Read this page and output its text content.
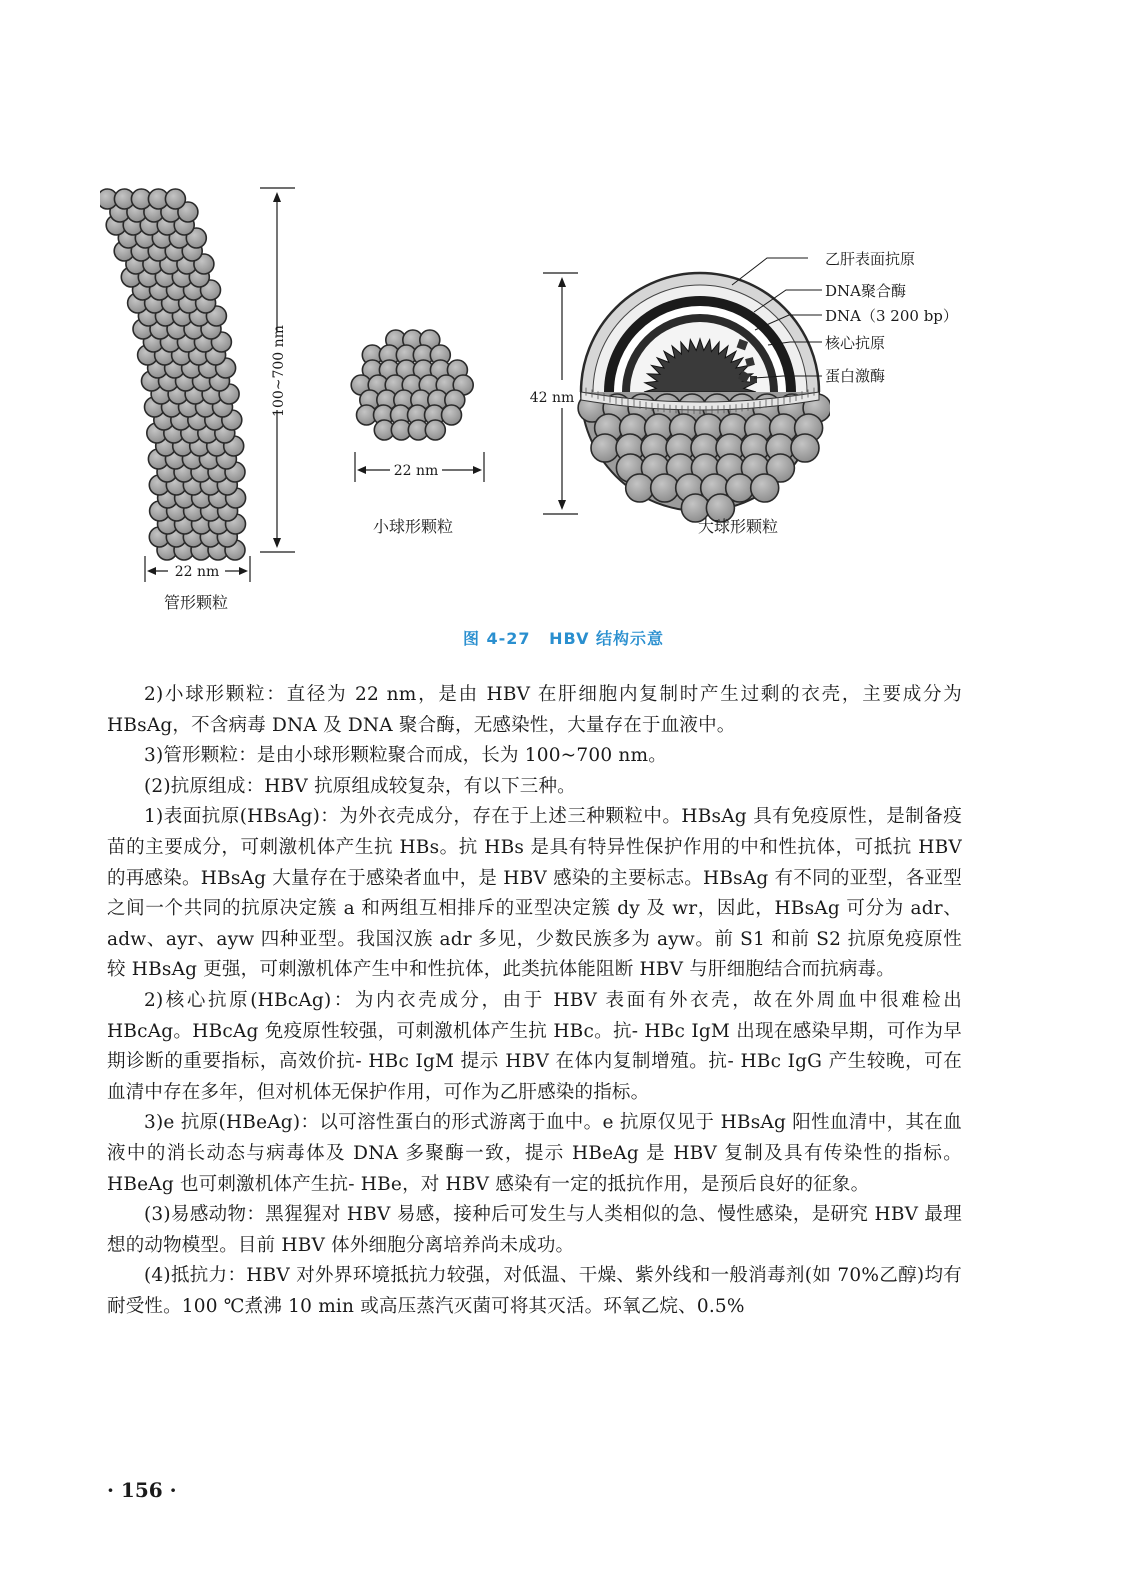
100~700 nm
22 nm
管形颗粒
22 nm
小球形颗粒
42 nm
大球形颗粒
乙肝表面抗原
DNA聚合酶
DNA（3 200 bp）
核心抗原
蛋白激酶
图 4-27 HBV 结构示意

2)小球形颗粒：直径为 22 nm，是由 HBV 在肝细胞内复制时产生过剩的衣壳，主要成分为 HBsAg，不含病毒 DNA 及 DNA 聚合酶，无感染性，大量存在于血液中。

3)管形颗粒：是由小球形颗粒聚合而成，长为 100~700 nm。

(2)抗原组成：HBV 抗原组成较复杂，有以下三种。

1)表面抗原(HBsAg)：为外衣壳成分，存在于上述三种颗粒中。HBsAg 具有免疫原性，是制备疫苗的主要成分，可刺激机体产生抗 HBs。抗 HBs 是具有特异性保护作用的中和性抗体，可抵抗 HBV 的再感染。HBsAg 大量存在于感染者血中，是 HBV 感染的主要标志。HBsAg 有不同的亚型，各亚型之间一个共同的抗原决定簇 a 和两组互相排斥的亚型决定簇 dy 及 wr，因此，HBsAg 可分为 adr、adw、ayr、ayw 四种亚型。我国汉族 adr 多见，少数民族多为 ayw。前 S1 和前 S2 抗原免疫原性较 HBsAg 更强，可刺激机体产生中和性抗体，此类抗体能阻断 HBV 与肝细胞结合而抗病毒。

2)核心抗原(HBcAg)：为内衣壳成分，由于 HBV 表面有外衣壳，故在外周血中很难检出 HBcAg。HBcAg 免疫原性较强，可刺激机体产生抗 HBc。抗- HBc IgM 出现在感染早期，可作为早期诊断的重要指标，高效价抗- HBc IgM 提示 HBV 在体内复制增殖。抗- HBc IgG 产生较晚，可在血清中存在多年，但对机体无保护作用，可作为乙肝感染的指标。

3)e 抗原(HBeAg)：以可溶性蛋白的形式游离于血中。e 抗原仅见于 HBsAg 阳性血清中，其在血液中的消长动态与病毒体及 DNA 多聚酶一致，提示 HBeAg 是 HBV 复制及具有传染性的指标。HBeAg 也可刺激机体产生抗- HBe，对 HBV 感染有一定的抵抗作用，是预后良好的征象。

(3)易感动物：黑猩猩对 HBV 易感，接种后可发生与人类相似的急、慢性感染，是研究 HBV 最理想的动物模型。目前 HBV 体外细胞分离培养尚未成功。

(4)抵抗力：HBV 对外界环境抵抗力较强，对低温、干燥、紫外线和一般消毒剂(如 70%乙醇)均有耐受性。100 ℃煮沸 10 min 或高压蒸汽灭菌可将其灭活。环氧乙烷、0.5%

· 156 ·
